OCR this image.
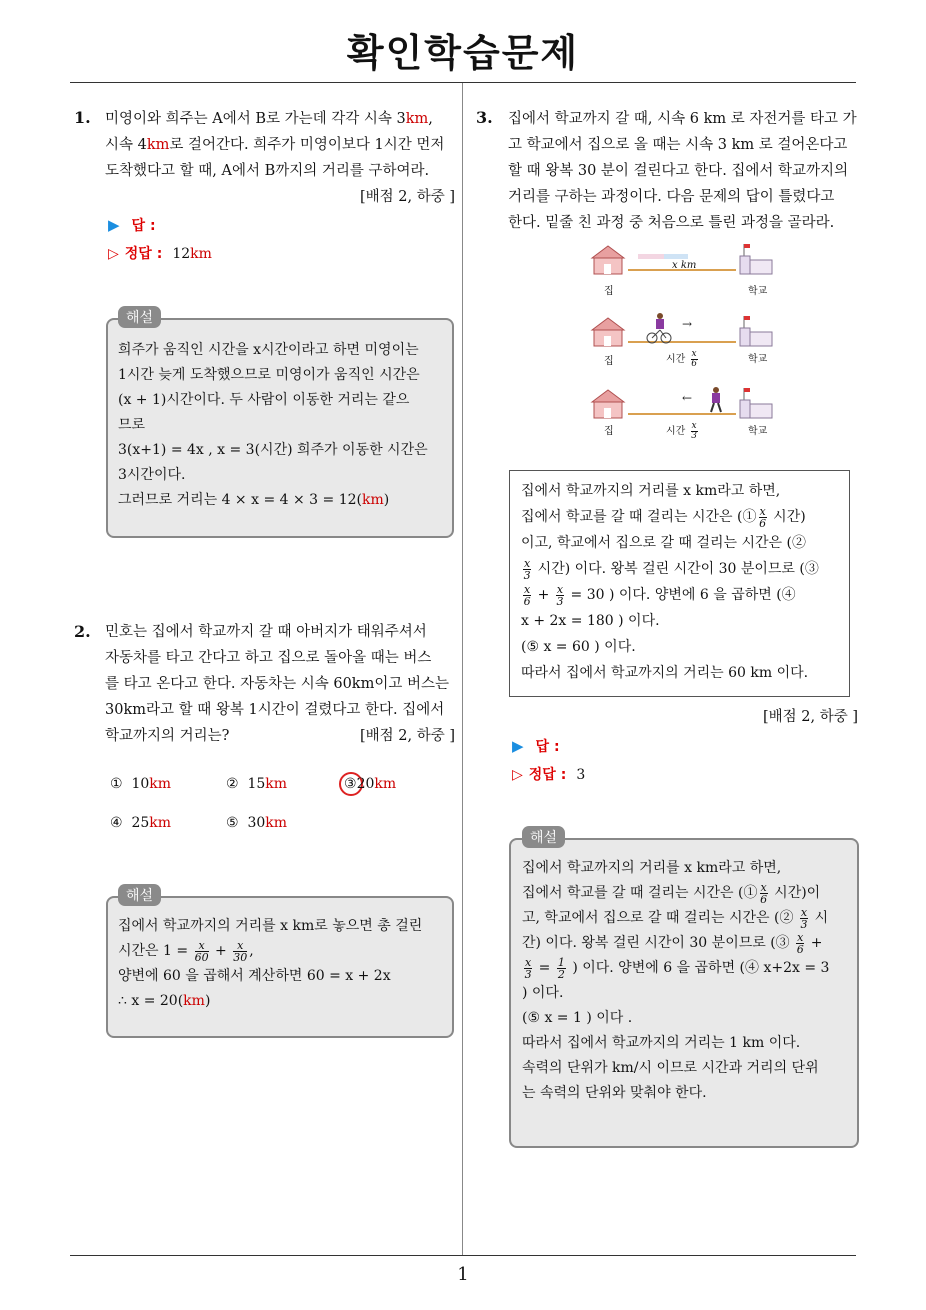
확인학습문제
1. 미영이와 희주는 A에서 B로 가는데 각각 시속 3km,
시속 4km로 걸어간다. 희주가 미영이보다 1시간 먼저
도착했다고 할 때, A에서 B까지의 거리를 구하여라.
[배점 2, 하중 ]
▶ 답 :
▷ 정답 : 12km
해설
희주가 움직인 시간을 x시간이라고 하면 미영이는
1시간 늦게 도착했으므로 미영이가 움직인 시간은
(x + 1)시간이다. 두 사람이 이동한 거리는 같으
므로
3(x+1) = 4x , x = 3(시간) 희주가 이동한 시간은
3시간이다.
그러므로 거리는 4 × x = 4 × 3 = 12(km)
2. 민호는 집에서 학교까지 갈 때 아버지가 태워주셔서
자동차를 타고 간다고 하고 집으로 돌아올 때는 버스
를 타고 온다고 한다. 자동차는 시속 60km이고 버스는
30km라고 할 때 왕복 1시간이 걸렸다고 한다. 집에서
학교까지의 거리는?	[배점 2, 하중 ]
① 10km	② 15km	③20km
④ 25km	⑤ 30km
해설
집에서 학교까지의 거리를 x km로 놓으면 총 걸린
시간은 $1 = \frac{x}{60} + \frac{x}{30}$ ,
양변에 60 을 곱해서 계산하면 60 = x + 2x
∴ x = 20(km)
3. 집에서 학교까지 갈 때, 시속 6 km 로 자전거를 타고 가
고 학교에서 집으로 올 때는 시속 3 km 로 걸어온다고
할 때 왕복 30 분이 걸린다고 한다. 집에서 학교까지의
거리를 구하는 과정이다. 다음 문제의 답이 틀렸다고
한다. 밑줄 친 과정 중 처음으로 틀린 과정을 골라라.
→
←
집	학교
x km
집	학교
시간 $\frac{x}{6}$
집	학교
시간 $\frac{x}{3}$
집에서 학교까지의 거리를 x km라고 하면,
집에서 학교를 갈 때 걸리는 시간은 (① $\frac{x}{6}$ 시간)
이고, 학교에서 집으로 갈 때 걸리는 시간은 (②
$\frac{x}{3}$ 시간) 이다. 왕복 걸린 시간이 30 분이므로 (③
$\frac{x}{6} + \frac{x}{3} = 30$ ) 이다. 양변에 6 을 곱하면 (④
x + 2x = 180 ) 이다.
(⑤ x = 60 ) 이다.
따라서 집에서 학교까지의 거리는 60 km 이다.
[배점 2, 하중 ]
▶ 답 :
▷ 정답 : 3
해설
집에서 학교까지의 거리를 x km라고 하면,
집에서 학교를 갈 때 걸리는 시간은 (① $\frac{x}{6}$ 시간)이
고, 학교에서 집으로 갈 때 걸리는 시간은 (② $\frac{x}{3}$ 시
간) 이다. 왕복 걸린 시간이 30 분이므로 (③ $\frac{x}{6}$ +
$\frac{x}{3} = \frac{1}{2}$ ) 이다. 양변에 6 을 곱하면 (④ x+2x = 3
) 이다.
(⑤ x = 1 ) 이다 .
따라서 집에서 학교까지의 거리는 1 km 이다.
속력의 단위가 km/시 이므로 시간과 거리의 단위
는 속력의 단위와 맞춰야 한다.
1
